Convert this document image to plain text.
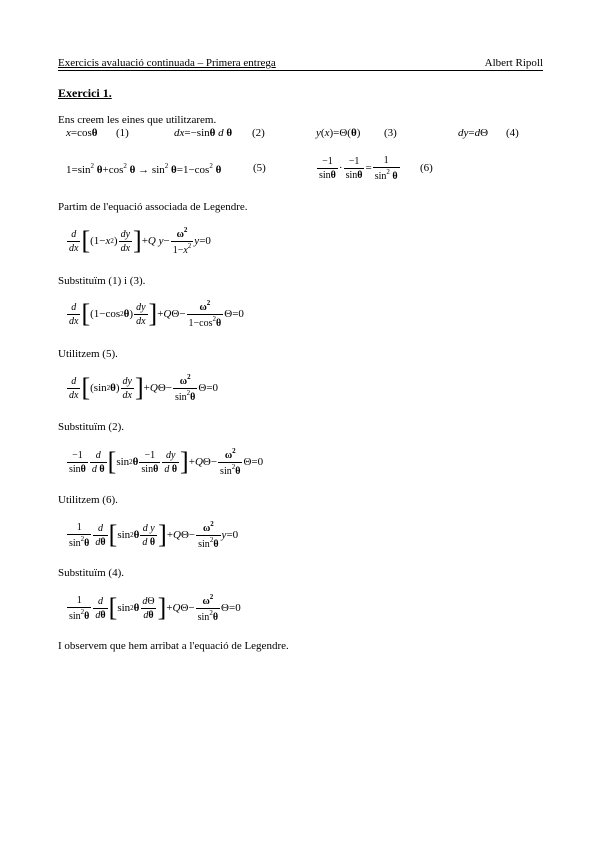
Exercicis avaluació continuada – Primera entrega	Albert Ripoll
Exercici 1.
Ens creem les eines que utilitzarem.
x=cosθ (1)	dx=−sinθ d θ (2)	y(x)=Θ(θ) (3)	dy=dΘ (4)
$1=\sin^2$ $\theta+\cos^2$ $\theta \to \sin^2 \theta=1-\cos^2$ θ	(5)
−1
sinθ
·
−1
sinθ
=
1
$\sin^2 \theta$
(6)
Partim de l'equació associada de Legendre.
d
dx [ (1− x 2 )
dy
dx ] + Q y −
$\omega^2$
$1-x^2$ y =0
Substituïm (1) i (3).
d
dx [ (1−cos 2 θ )
dy
dx ] + Q Θ−
$\omega^2$
$1-\cos^2\theta$
Θ=0
Utilitzem (5).
d
dx [ (sin 2 θ )
dy
dx ] + Q Θ−
$\omega^2$
$\sin^2\theta$
Θ=0
Substituïm (2).
−1
sinθ
d
d θ [ sin 2 θ
−1
sinθ
dy
d θ ] + Q Θ−
$\omega^2$
$\sin^2\theta$
Θ=0
Utilitzem (6).
1
$\sin^2\theta$
d
dθ [ sin 2 θ
d y
d θ ] + Q Θ−
$\omega^2$
$\sin^2\theta$
y =0
Substituïm (4).
1
$\sin^2\theta$
d
dθ [ sin 2 θ
dΘ
dθ ] + Q Θ−
$\omega^2$
$\sin^2\theta$
Θ=0
I observem que hem arribat a l'equació de Legendre.
